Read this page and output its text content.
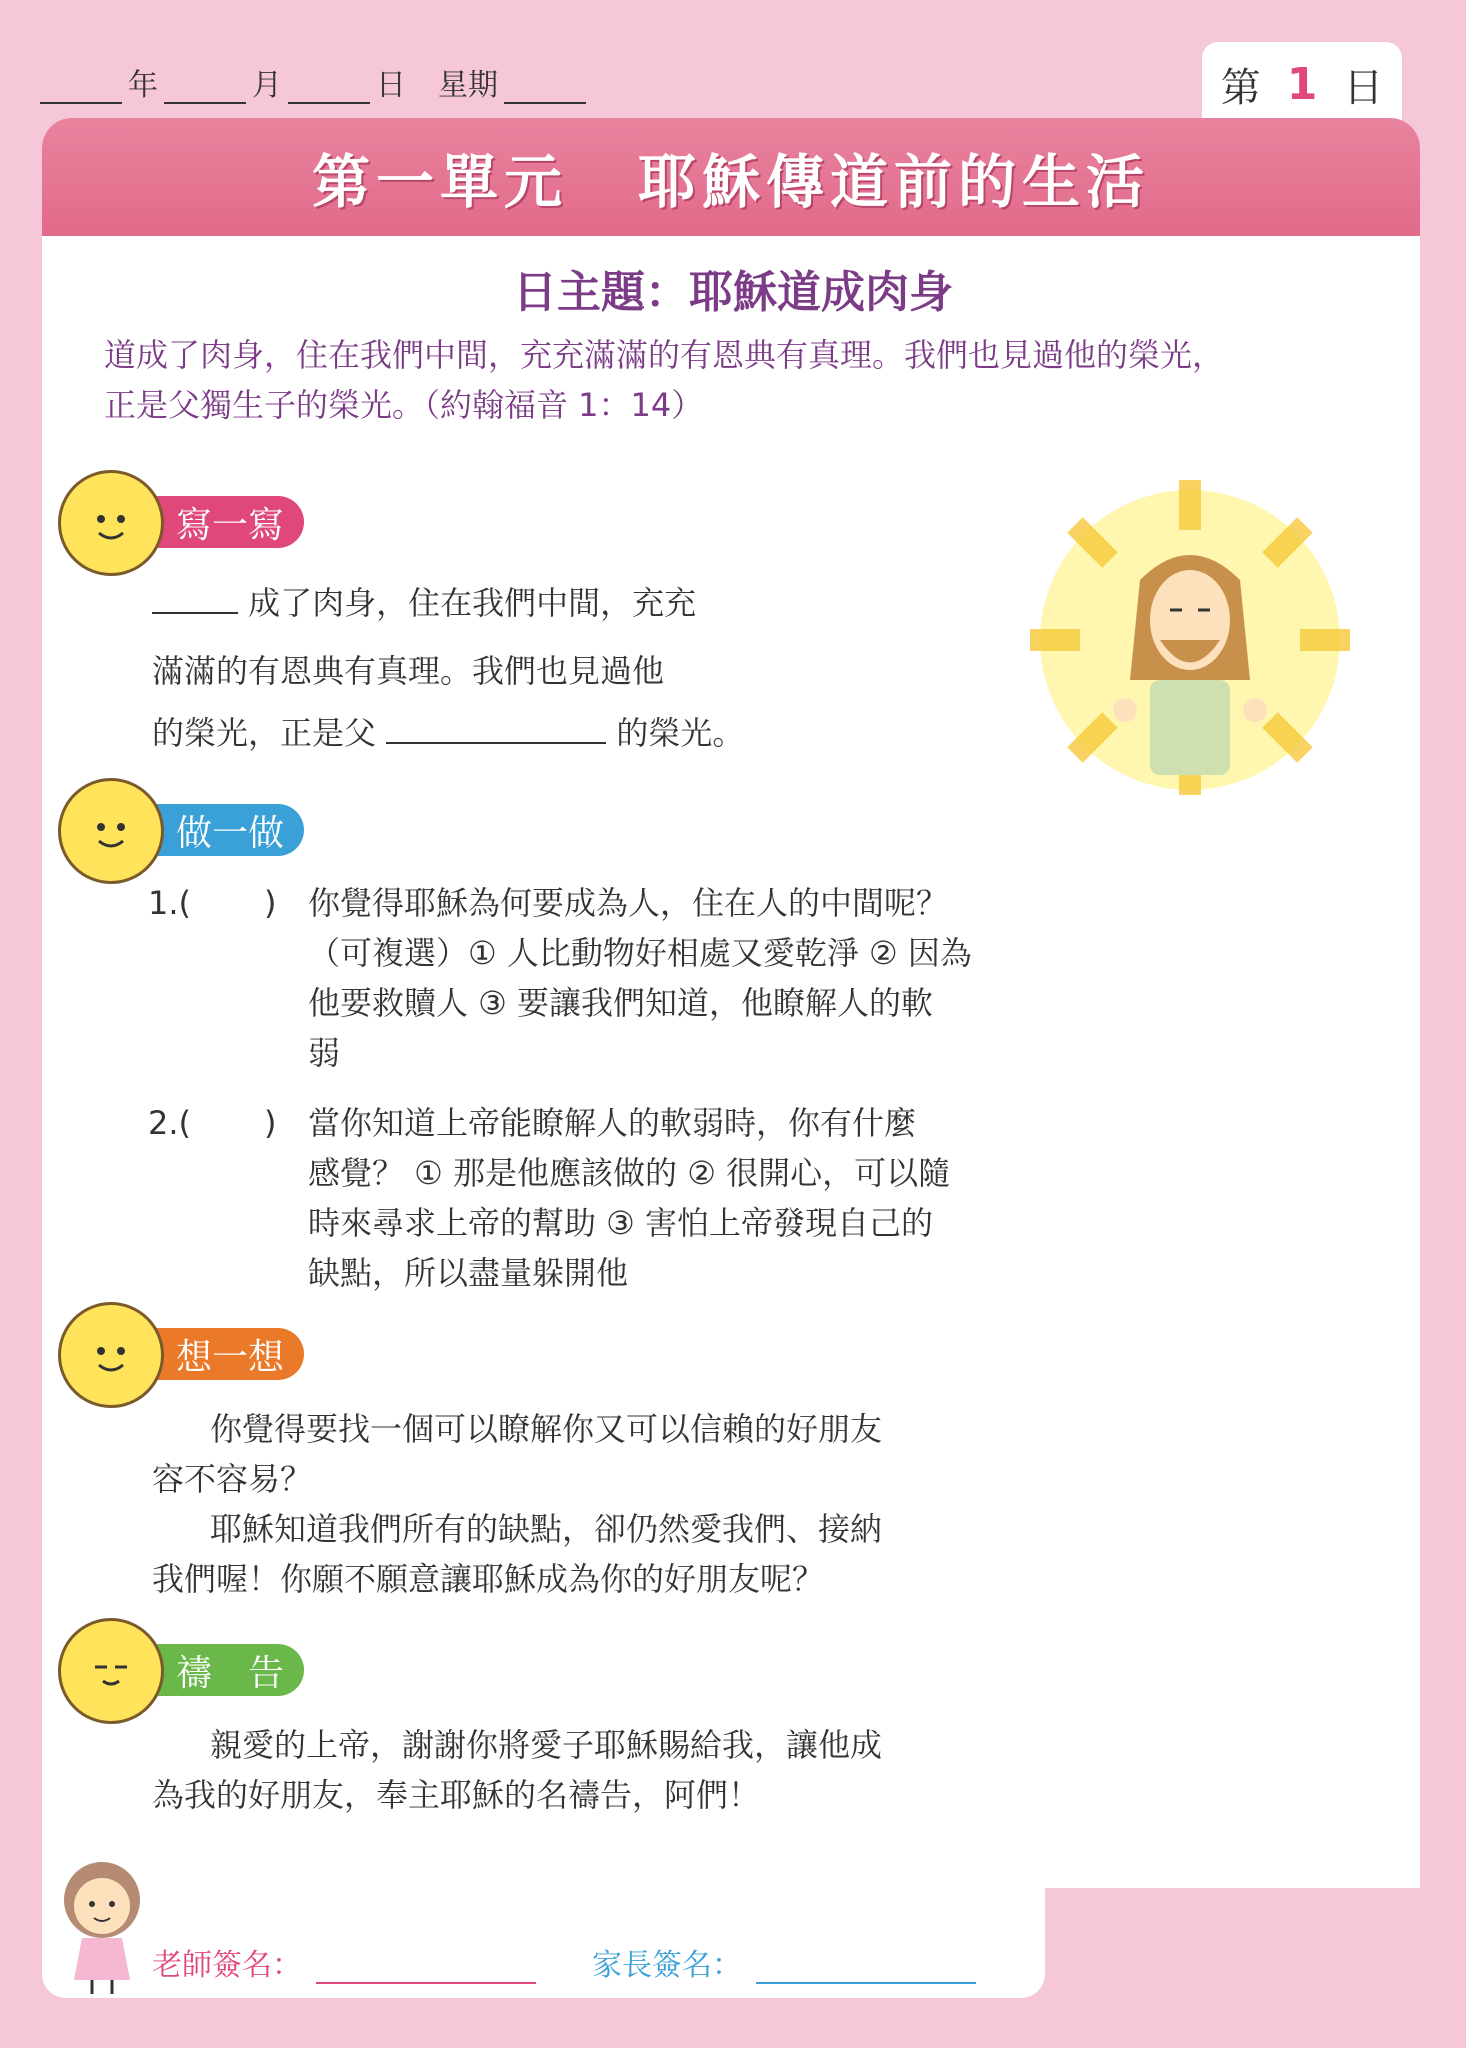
年	月	日 星期	第 1 日
第一單元 耶穌傳道前的生活
日主題：耶穌道成肉身
道成了肉身，住在我們中間，充充滿滿的有恩典有真理。我們也見過他的榮光，
正是父獨生子的榮光。（約翰福音 1：14）
寫一寫
成了肉身，住在我們中間，充充
滿滿的有恩典有真理。我們也見過他
的榮光，正是父	的榮光。
做一做
1.( ) 你覺得耶穌為何要成為人，住在人的中間呢？
（可複選）① 人比動物好相處又愛乾淨 ② 因為
他要救贖人 ③ 要讓我們知道，他瞭解人的軟
弱
2.( ) 當你知道上帝能瞭解人的軟弱時，你有什麼
感覺？ ① 那是他應該做的 ② 很開心，可以隨
時來尋求上帝的幫助 ③ 害怕上帝發現自己的
缺點，所以盡量躲開他
想一想
你覺得要找一個可以瞭解你又可以信賴的好朋友
容不容易？
耶穌知道我們所有的缺點，卻仍然愛我們、接納
我們喔！你願不願意讓耶穌成為你的好朋友呢？
禱　告
親愛的上帝，謝謝你將愛子耶穌賜給我，讓他成
為我的好朋友，奉主耶穌的名禱告，阿們！
老師簽名：	家長簽名：
